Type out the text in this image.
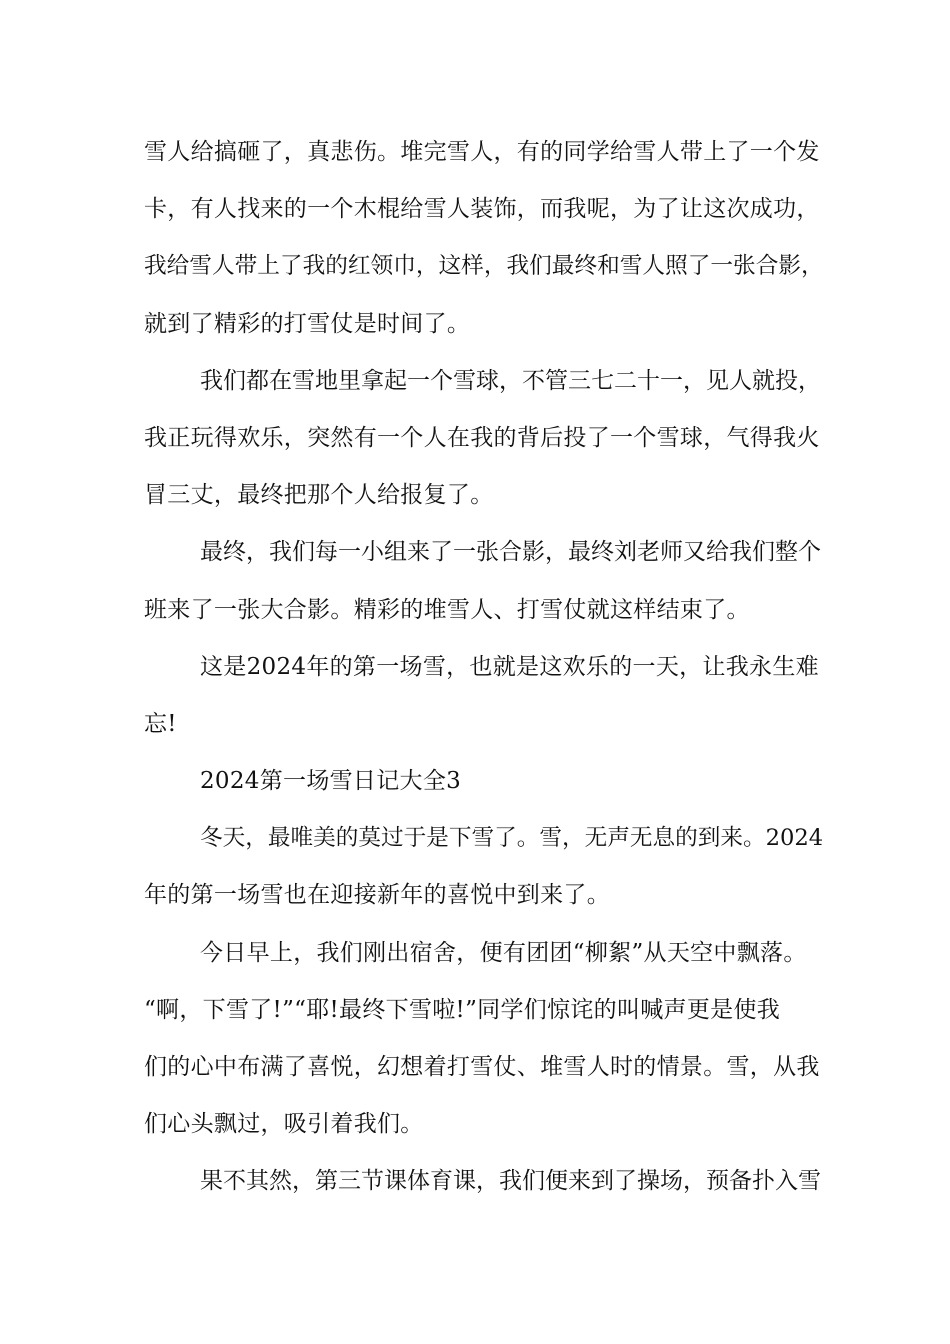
雪人给搞砸了，真悲伤。堆完雪人，有的同学给雪人带上了一个发
卡，有人找来的一个木棍给雪人装饰，而我呢，为了让这次成功，
我给雪人带上了我的红领巾，这样，我们最终和雪人照了一张合影，
就到了精彩的打雪仗是时间了。
我们都在雪地里拿起一个雪球，不管三七二十一，见人就投，
我正玩得欢乐，突然有一个人在我的背后投了一个雪球，气得我火
冒三丈，最终把那个人给报复了。
最终，我们每一小组来了一张合影，最终刘老师又给我们整个
班来了一张大合影。精彩的堆雪人、打雪仗就这样结束了。
这是2024年的第一场雪，也就是这欢乐的一天，让我永生难
忘!
2024第一场雪日记大全3
冬天，最唯美的莫过于是下雪了。雪，无声无息的到来。2024
年的第一场雪也在迎接新年的喜悦中到来了。
今日早上，我们刚出宿舍，便有团团“柳絮”从天空中飘落。
“啊，下雪了!”“耶!最终下雪啦!”同学们惊诧的叫喊声更是使我
们的心中布满了喜悦，幻想着打雪仗、堆雪人时的情景。雪，从我
们心头飘过，吸引着我们。
果不其然，第三节课体育课，我们便来到了操场，预备扑入雪
